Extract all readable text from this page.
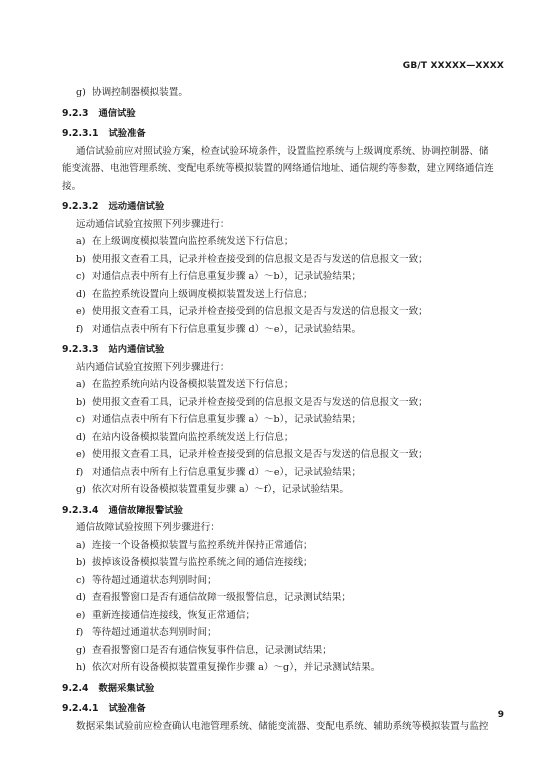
GB/T XXXXX—XXXX
g) 协调控制器模拟装置。
9.2.3 通信试验
9.2.3.1 试验准备
通信试验前应对照试验方案，检查试验环境条件，设置监控系统与上级调度系统、协调控制器、储
能变流器、电池管理系统、变配电系统等模拟装置的网络通信地址、通信规约等参数，建立网络通信连
接。
9.2.3.2 远动通信试验
远动通信试验宜按照下列步骤进行：
a) 在上级调度模拟装置向监控系统发送下行信息；
b) 使用报文查看工具，记录并检查接受到的信息报文是否与发送的信息报文一致；
c) 对通信点表中所有上行信息重复步骤 a）～b），记录试验结果；
d) 在监控系统设置向上级调度模拟装置发送上行信息；
e) 使用报文查看工具，记录并检查接受到的信息报文是否与发送的信息报文一致；
f) 对通信点表中所有下行信息重复步骤 d）～e），记录试验结果。
9.2.3.3 站内通信试验
站内通信试验宜按照下列步骤进行：
a) 在监控系统向站内设备模拟装置发送下行信息；
b) 使用报文查看工具，记录并检查接受到的信息报文是否与发送的信息报文一致；
c) 对通信点表中所有下行信息重复步骤 a）～b），记录试验结果；
d) 在站内设备模拟装置向监控系统发送上行信息；
e) 使用报文查看工具，记录并检查接受到的信息报文是否与发送的信息报文一致；
f) 对通信点表中所有上行信息重复步骤 d）～e），记录试验结果；
g) 依次对所有设备模拟装置重复步骤 a）～f），记录试验结果。
9.2.3.4 通信故障报警试验
通信故障试验按照下列步骤进行：
a) 连接一个设备模拟装置与监控系统并保持正常通信；
b) 拔掉该设备模拟装置与监控系统之间的通信连接线；
c) 等待超过通道状态判别时间；
d) 查看报警窗口是否有通信故障一级报警信息，记录测试结果；
e) 重新连接通信连接线，恢复正常通信；
f) 等待超过通道状态判别时间；
g) 查看报警窗口是否有通信恢复事件信息，记录测试结果；
h) 依次对所有设备模拟装置重复操作步骤 a）～g），并记录测试结果。
9.2.4 数据采集试验
9.2.4.1 试验准备
数据采集试验前应检查确认电池管理系统、储能变流器、变配电系统、辅助系统等模拟装置与监控
9
